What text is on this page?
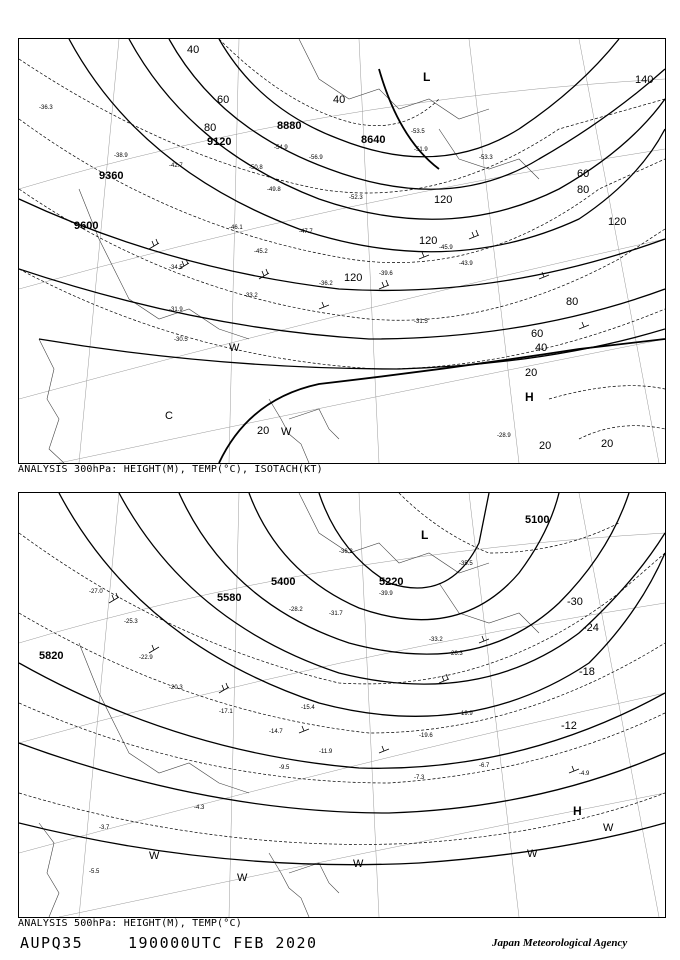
9600
9360
9120
8880
8640
40
60
80
120
120
120
80
60
40
20
20	20
20
40
60
80
120
140
H
L
C
W
W
-36.3
-38.9
-42.7
-46.1
-50.8
-52.3
-54.9
-56.9
-51.9
-53.3
-45.9
-43.9
-39.6
-34.5
-31.9
-30.5
-28.9
-31.5
-36.2
-33.2
-45.2
-47.7
-49.8
-53.5
ANALYSIS 300hPa: HEIGHT(M), TEMP(°C), ISOTACH(KT)
5820
5580
5400	5220
5100
-30
-24
-18
-12
H
L
W
W
W
W
W
-27.0
-25.3
-22.9
-20.3
-17.1
-14.7
-11.9
-9.5
-7.3
-5.5
-4.3
-3.7
-6.7
-4.9
-35.5
-39.9
-31.7
-36.2
-33.2
-19.9
-19.6
-26.3
-15.4
-28.2
ANALYSIS 500hPa: HEIGHT(M), TEMP(°C)
AUPQ35	190000UTC FEB 2020	Japan Meteorological Agency
